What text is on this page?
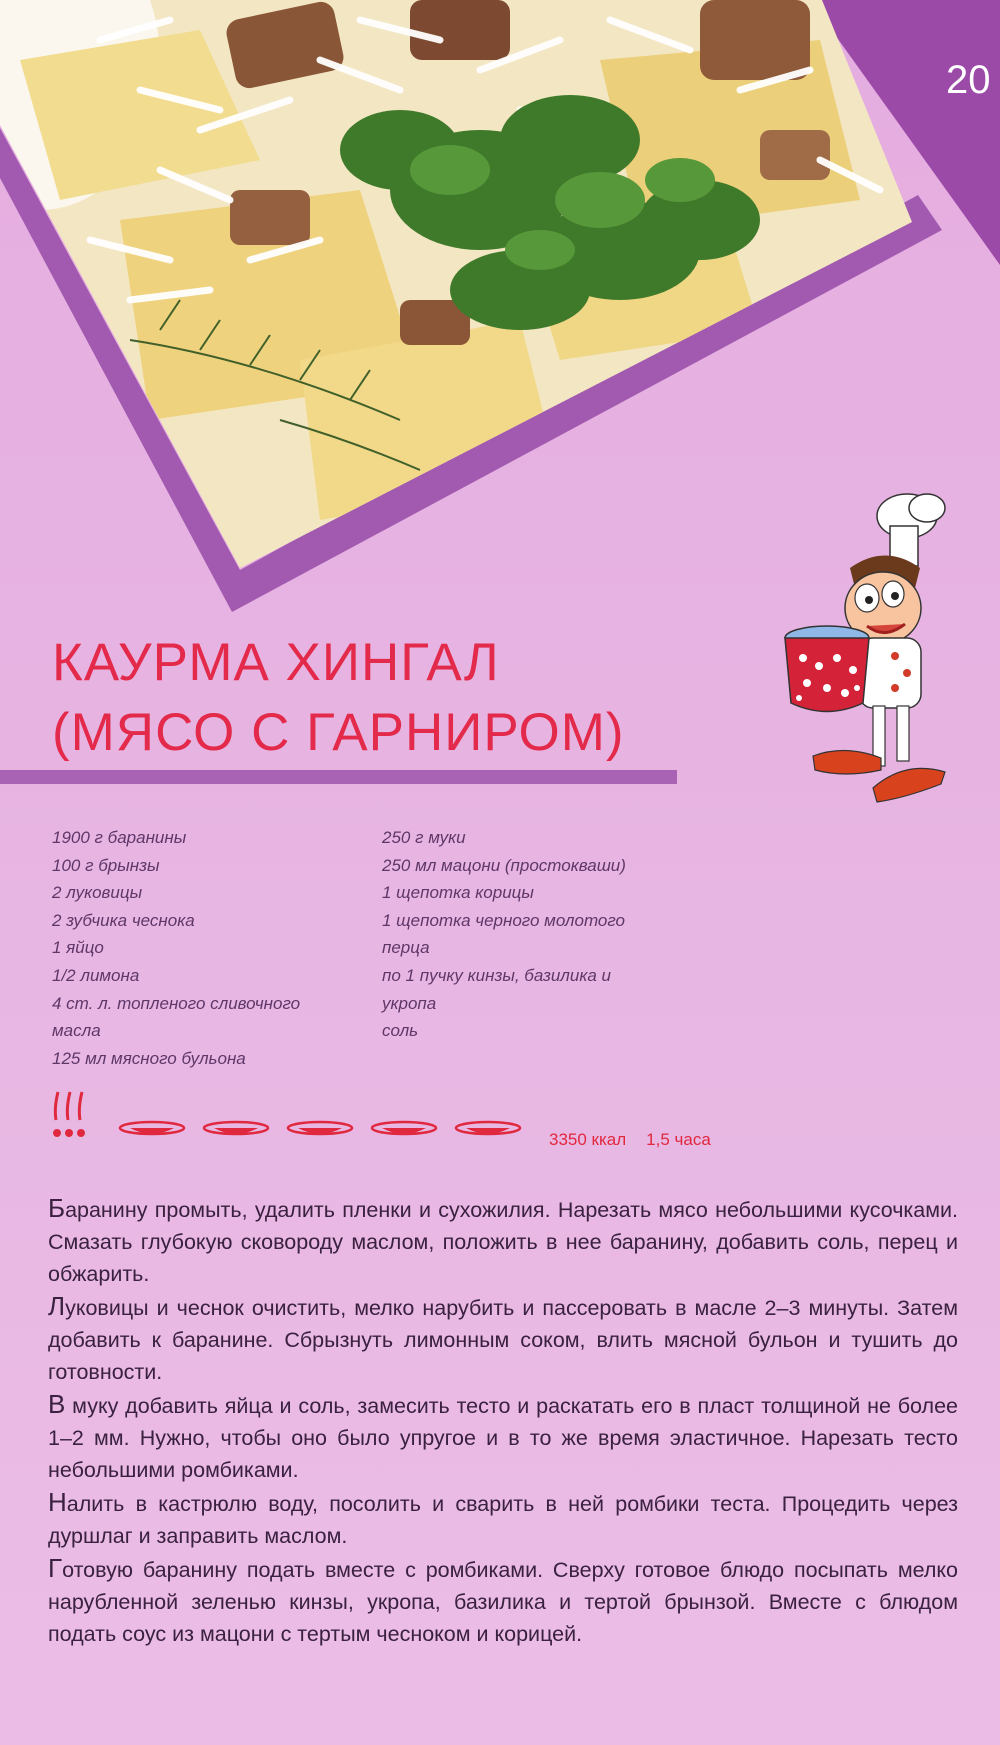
20
КАУРМА ХИНГАЛ
(МЯСО С ГАРНИРОМ)
1900 г баранины
100 г брынзы
2 луковицы
2 зубчика чеснока
1 яйцо
1/2 лимона
4 ст. л. топленого сливочного
масла
125 мл мясного бульона
250 г муки
250 мл мацони (простокваши)
1 щепотка корицы
1 щепотка черного молотого
перца
по 1 пучку кинзы, базилика и
укропа
соль
3350 ккал 1,5 часа

Баранину промыть, удалить пленки и сухожилия. Нарезать мясо небольшими кусочками. Смазать глубокую сковороду маслом, положить в нее баранину, добавить соль, перец и обжарить.

Луковицы и чеснок очистить, мелко нарубить и пассеровать в масле 2–3 минуты. Затем добавить к баранине. Сбрызнуть лимонным соком, влить мясной бульон и тушить до готовности.

В муку добавить яйца и соль, замесить тесто и раскатать его в пласт толщиной не более 1–2 мм. Нужно, чтобы оно было упругое и в то же время эластичное. Нарезать тесто небольшими ромбиками.

Налить в кастрюлю воду, посолить и сварить в ней ромбики теста. Процедить через дуршлаг и заправить маслом.

Готовую баранину подать вместе с ромбиками. Сверху готовое блюдо посыпать мелко нарубленной зеленью кинзы, укропа, базилика и тертой брынзой. Вместе с блюдом подать соус из мацони с тертым чесноком и корицей.
